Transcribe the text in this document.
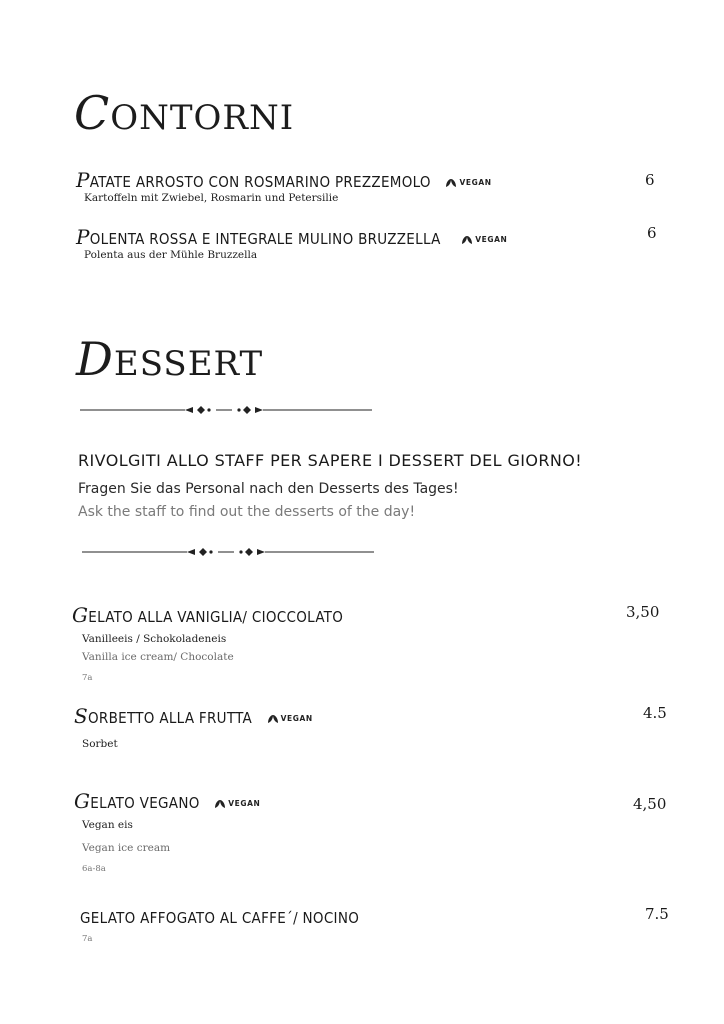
CONTORNI
PATATE ARROSTO CON ROSMARINO PREZZEMOLO	VEGAN
Kartoffeln mit Zwiebel, Rosmarin und Petersilie
6
POLENTA ROSSA E INTEGRALE MULINO BRUZZELLA	VEGAN
Polenta aus der Mühle Bruzzella
6
DESSERT
RIVOLGITI ALLO STAFF PER SAPERE I DESSERT DEL GIORNO!
Fragen Sie das Personal nach den Desserts des Tages!
Ask the staff to find out the desserts of the day!
GELATO ALLA VANIGLIA/ CIOCCOLATO
Vanilleeis / Schokoladeneis
Vanilla ice cream/ Chocolate
7a
3,50
SORBETTO ALLA FRUTTA	VEGAN
Sorbet
4.5
GELATO VEGANO	VEGAN
Vegan eis
Vegan ice cream
6a-8a
4,50
GELATO AFFOGATO AL CAFFE´/ NOCINO
7a
7.5
